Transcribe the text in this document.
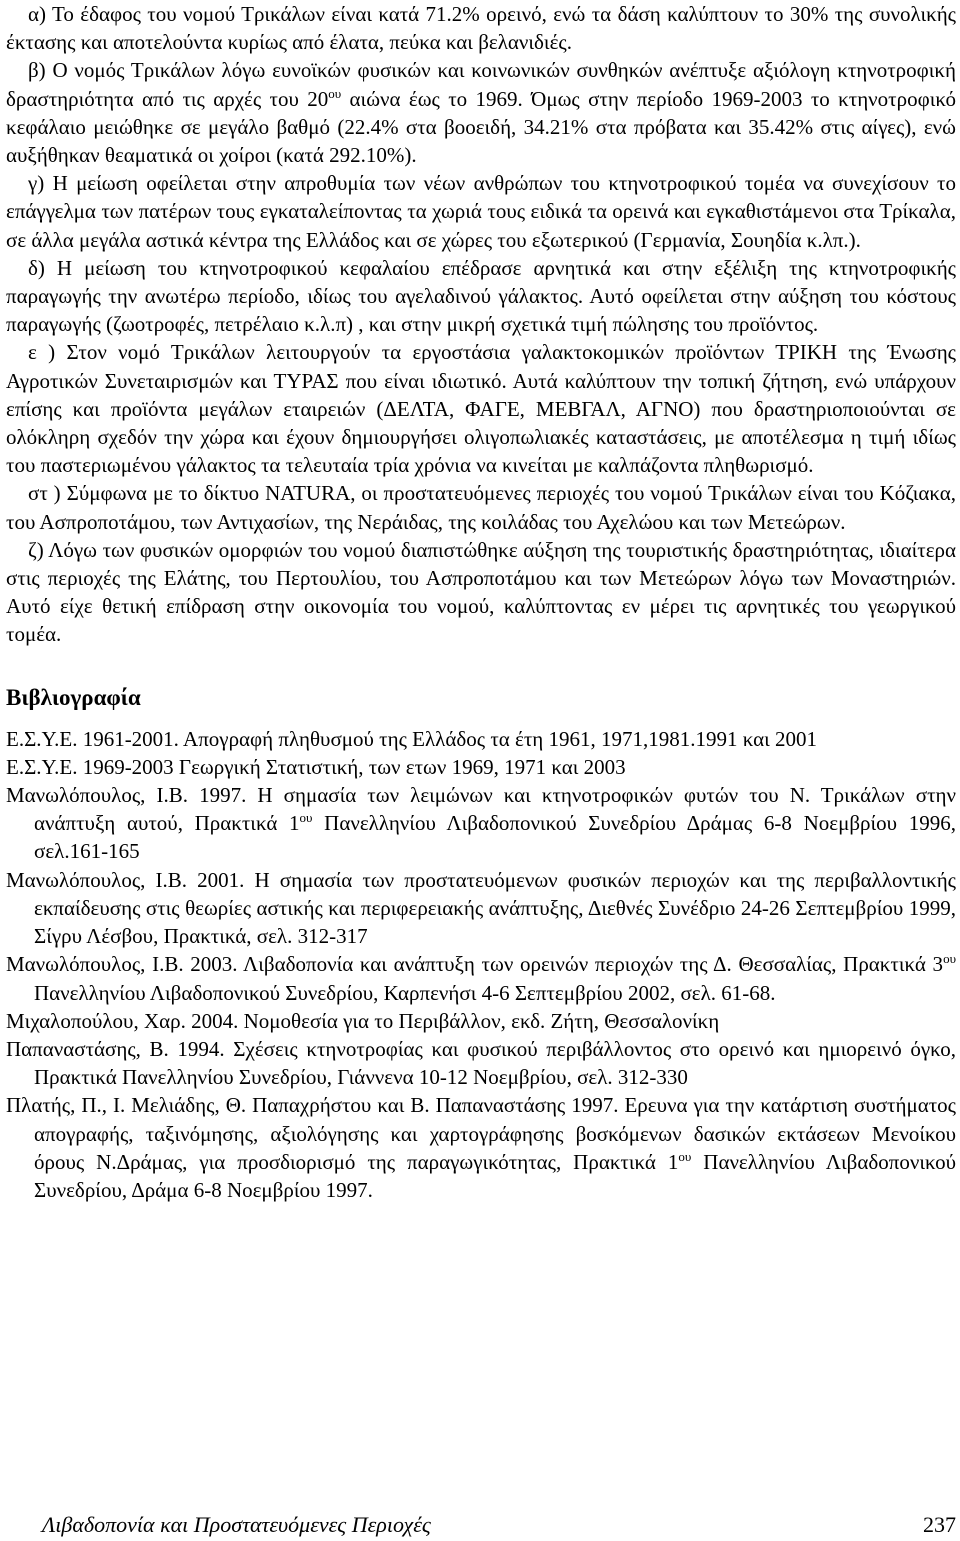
α) Το έδαφος του νομού Τρικάλων είναι κατά 71.2% ορεινό, ενώ τα δάση καλύπτουν το 30% της συνολικής έκτασης και αποτελούντα κυρίως από έλατα, πεύκα και βελανιδιές.

β) Ο νομός Τρικάλων λόγω ευνοϊκών φυσικών και κοινωνικών συνθηκών ανέπτυξε αξιόλογη κτηνοτροφική δραστηριότητα από τις αρχές του $20^{o\upsilon}$ αιώνα έως το 1969. Όμως στην περίοδο 1969-2003 το κτηνοτροφικό κεφάλαιο μειώθηκε σε μεγάλο βαθμό (22.4% στα βοοειδή, 34.21% στα πρόβατα και 35.42% στις αίγες), ενώ αυξήθηκαν θεαματικά οι χοίροι (κατά 292.10%).

γ) Η μείωση οφείλεται στην απροθυμία των νέων ανθρώπων του κτηνοτροφικού τομέα να συνεχίσουν το επάγγελμα των πατέρων τους εγκαταλείποντας τα χωριά τους ειδικά τα ορεινά και εγκαθιστάμενοι στα Τρίκαλα, σε άλλα μεγάλα αστικά κέντρα της Ελλάδος και σε χώρες του εξωτερικού (Γερμανία, Σουηδία κ.λπ.).

δ) Η μείωση του κτηνοτροφικού κεφαλαίου επέδρασε αρνητικά και στην εξέλιξη της κτηνοτροφικής παραγωγής την ανωτέρω περίοδο, ιδίως του αγελαδινού γάλακτος. Αυτό οφείλεται στην αύξηση του κόστους παραγωγής (ζωοτροφές, πετρέλαιο κ.λ.π) , και στην μικρή σχετικά τιμή πώλησης του προϊόντος.

ε ) Στον νομό Τρικάλων λειτουργούν τα εργοστάσια γαλακτοκομικών προϊόντων ΤΡΙΚΗ της Ένωσης Αγροτικών Συνεταιρισμών και ΤΥΡΑΣ που είναι ιδιωτικό. Αυτά καλύπτουν την τοπική ζήτηση, ενώ υπάρχουν επίσης και προϊόντα μεγάλων εταιρειών (ΔΕΛΤΑ, ΦΑΓΕ, ΜΕΒΓΑΛ, ΑΓΝΟ) που δραστηριοποιούνται σε ολόκληρη σχεδόν την χώρα και έχουν δημιουργήσει ολιγοπωλιακές καταστάσεις, με αποτέλεσμα η τιμή ιδίως του παστεριωμένου γάλακτος τα τελευταία τρία χρόνια να κινείται με καλπάζοντα πληθωρισμό.

στ ) Σύμφωνα με το δίκτυο NATURA, οι προστατευόμενες περιοχές του νομού Τρικάλων είναι του Κόζιακα, του Ασπροποτάμου, των Αντιχασίων, της Νεράιδας, της κοιλάδας του Αχελώου και των Μετεώρων.

ζ) Λόγω των φυσικών ομορφιών του νομού διαπιστώθηκε αύξηση της τουριστικής δραστηριότητας, ιδιαίτερα στις περιοχές της Ελάτης, του Περτουλίου, του Ασπροποτάμου και των Μετεώρων λόγω των Μοναστηριών. Αυτό είχε θετική επίδραση στην οικονομία του νομού, καλύπτοντας εν μέρει τις αρνητικές του γεωργικού τομέα.

Βιβλιογραφία

Ε.Σ.Υ.Ε. 1961-2001. Απογραφή πληθυσμού της Ελλάδος τα έτη 1961, 1971,1981.1991 και 2001

Ε.Σ.Υ.Ε. 1969-2003 Γεωργική Στατιστική, των ετων 1969, 1971 και 2003

Μανωλόπουλος, Ι.Β. 1997. Η σημασία των λειμώνων και κτηνοτροφικών φυτών του Ν. Τρικάλων στην ανάπτυξη αυτού, Πρακτικά $1^{o\upsilon}$ Πανελληνίου Λιβαδοπονικού Συνεδρίου Δράμας 6-8 Νοεμβρίου 1996, σελ.161-165

Μανωλόπουλος, Ι.Β. 2001. Η σημασία των προστατευόμενων φυσικών περιοχών και της περιβαλλοντικής εκπαίδευσης στις θεωρίες αστικής και περιφερειακής ανάπτυξης, Διεθνές Συνέδριο 24-26 Σεπτεμβρίου 1999, Σίγρυ Λέσβου, Πρακτικά, σελ. 312-317

Μανωλόπουλος, Ι.Β. 2003. Λιβαδοπονία και ανάπτυξη των ορεινών περιοχών της Δ. Θεσσαλίας, Πρακτικά $3^{o\upsilon}$ Πανελληνίου Λιβαδοπονικού Συνεδρίου, Καρπενήσι 4-6 Σεπτεμβρίου 2002, σελ. 61-68.

Μιχαλοπούλου, Χαρ. 2004. Νομοθεσία για το Περιβάλλον, εκδ. Ζήτη, Θεσσαλονίκη

Παπαναστάσης, Β. 1994. Σχέσεις κτηνοτροφίας και φυσικού περιβάλλοντος στο ορεινό και ημιορεινό όγκο, Πρακτικά Πανελληνίου Συνεδρίου, Γιάννενα 10-12 Νοεμβρίου, σελ. 312-330

Πλατής, Π., Ι. Μελιάδης, Θ. Παπαχρήστου και Β. Παπαναστάσης 1997. Ερευνα για την κατάρτιση συστήματος απογραφής, ταξινόμησης, αξιολόγησης και χαρτογράφησης βοσκόμενων δασικών εκτάσεων Μενοίκου όρους Ν.Δράμας, για προσδιορισμό της παραγωγικότητας, Πρακτικά $1^{o\upsilon}$ Πανελληνίου Λιβαδοπονικού Συνεδρίου, Δράμα 6-8 Νοεμβρίου 1997.

Λιβαδοπονία και Προστατευόμενες Περιοχές	237
